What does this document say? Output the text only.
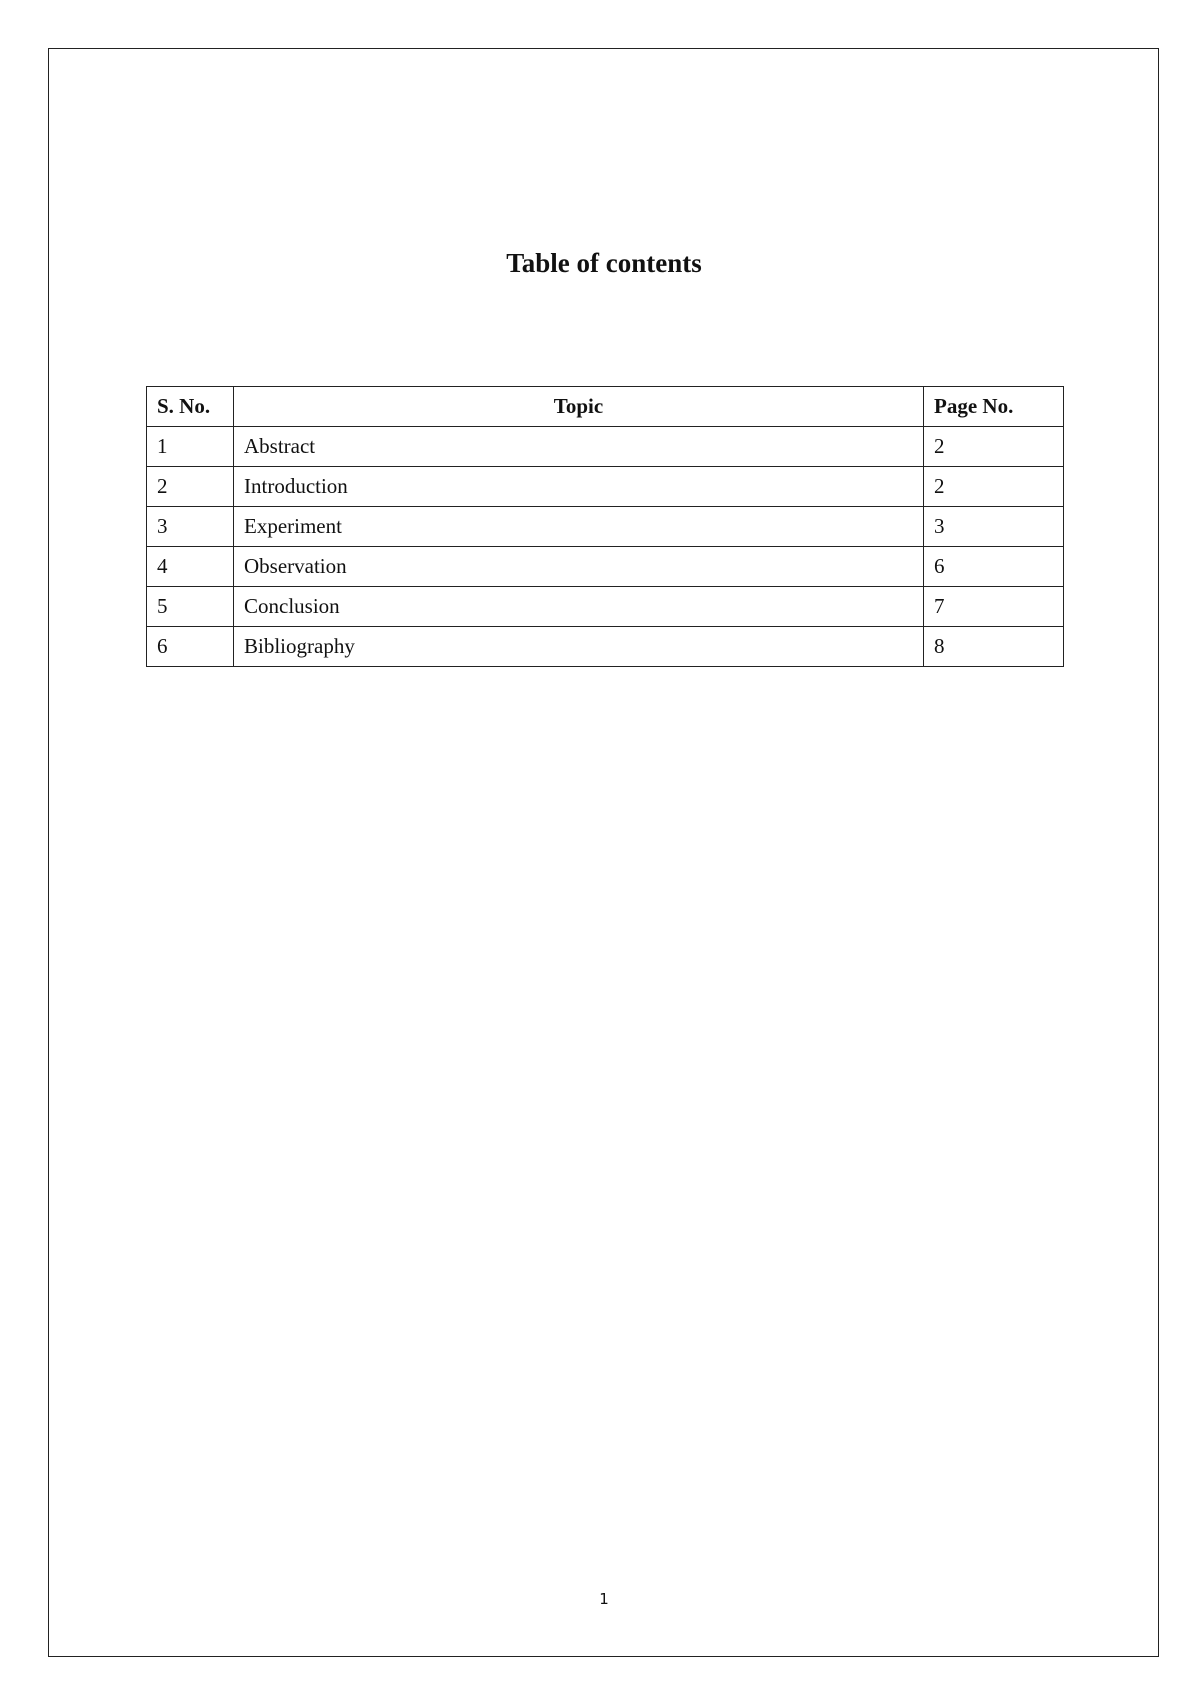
Table of contents
S. No.	Topic	Page No.
1	Abstract	2
2	Introduction	2
3	Experiment	3
4	Observation	6
5	Conclusion	7
6	Bibliography	8
1
